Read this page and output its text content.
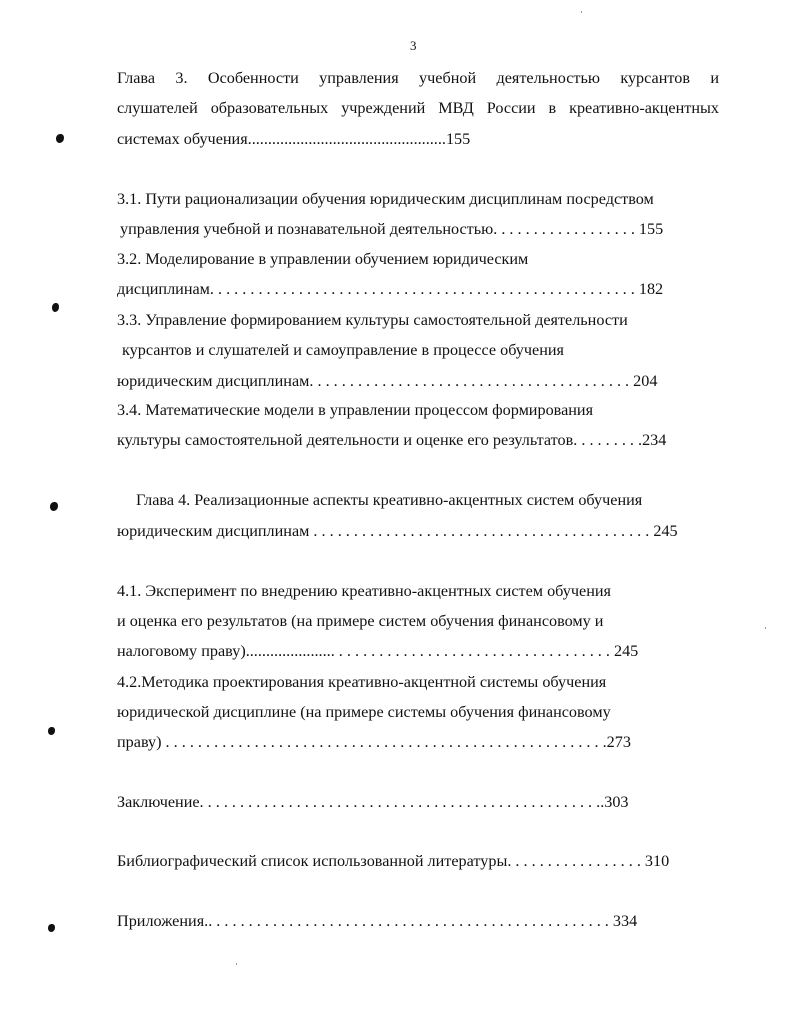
3
Глава 3. Особенности управления учебной деятельностью курсантов и
слушателей образовательных учреждений МВД России в креативно-акцентных
системах обучения.................................................155
3.1. Пути рационализации обучения юридическим дисциплинам посредством
управления учебной и познавательной деятельностью. . . . . . . . . . . . . . . . . . 155
3.2. Моделирование в управлении обучением юридическим
дисциплинам. . . . . . . . . . . . . . . . . . . . . . . . . . . . . . . . . . . . . . . . . . . . . . . . . . . . . 182
3.3. Управление формированием культуры самостоятельной деятельности
курсантов и слушателей и самоуправление в процессе обучения
юридическим дисциплинам. . . . . . . . . . . . . . . . . . . . . . . . . . . . . . . . . . . . . . . . 204
3.4. Математические модели в управлении процессом формирования
культуры самостоятельной деятельности и оценке его результатов. . . . . . . . .234
Глава 4. Реализационные аспекты креативно-акцентных систем обучения
юридическим дисциплинам . . . . . . . . . . . . . . . . . . . . . . . . . . . . . . . . . . . . . . . . . . 245
4.1. Эксперимент по внедрению креативно-акцентных систем обучения
и оценка его результатов (на примере систем обучения финансовому и
налоговому праву)...................... . . . . . . . . . . . . . . . . . . . . . . . . . . . . . . . . . . 245
4.2.Методика проектирования креативно-акцентной системы обучения
юридической дисциплине (на примере системы обучения финансовому
праву) . . . . . . . . . . . . . . . . . . . . . . . . . . . . . . . . . . . . . . . . . . . . . . . . . . . . . . .273
Заключение. . . . . . . . . . . . . . . . . . . . . . . . . . . . . . . . . . . . . . . . . . . . . . . . . ..303
Библиографический список использованной литературы. . . . . . . . . . . . . . . . . 310
Приложения.. . . . . . . . . . . . . . . . . . . . . . . . . . . . . . . . . . . . . . . . . . . . . . . . . . 334
